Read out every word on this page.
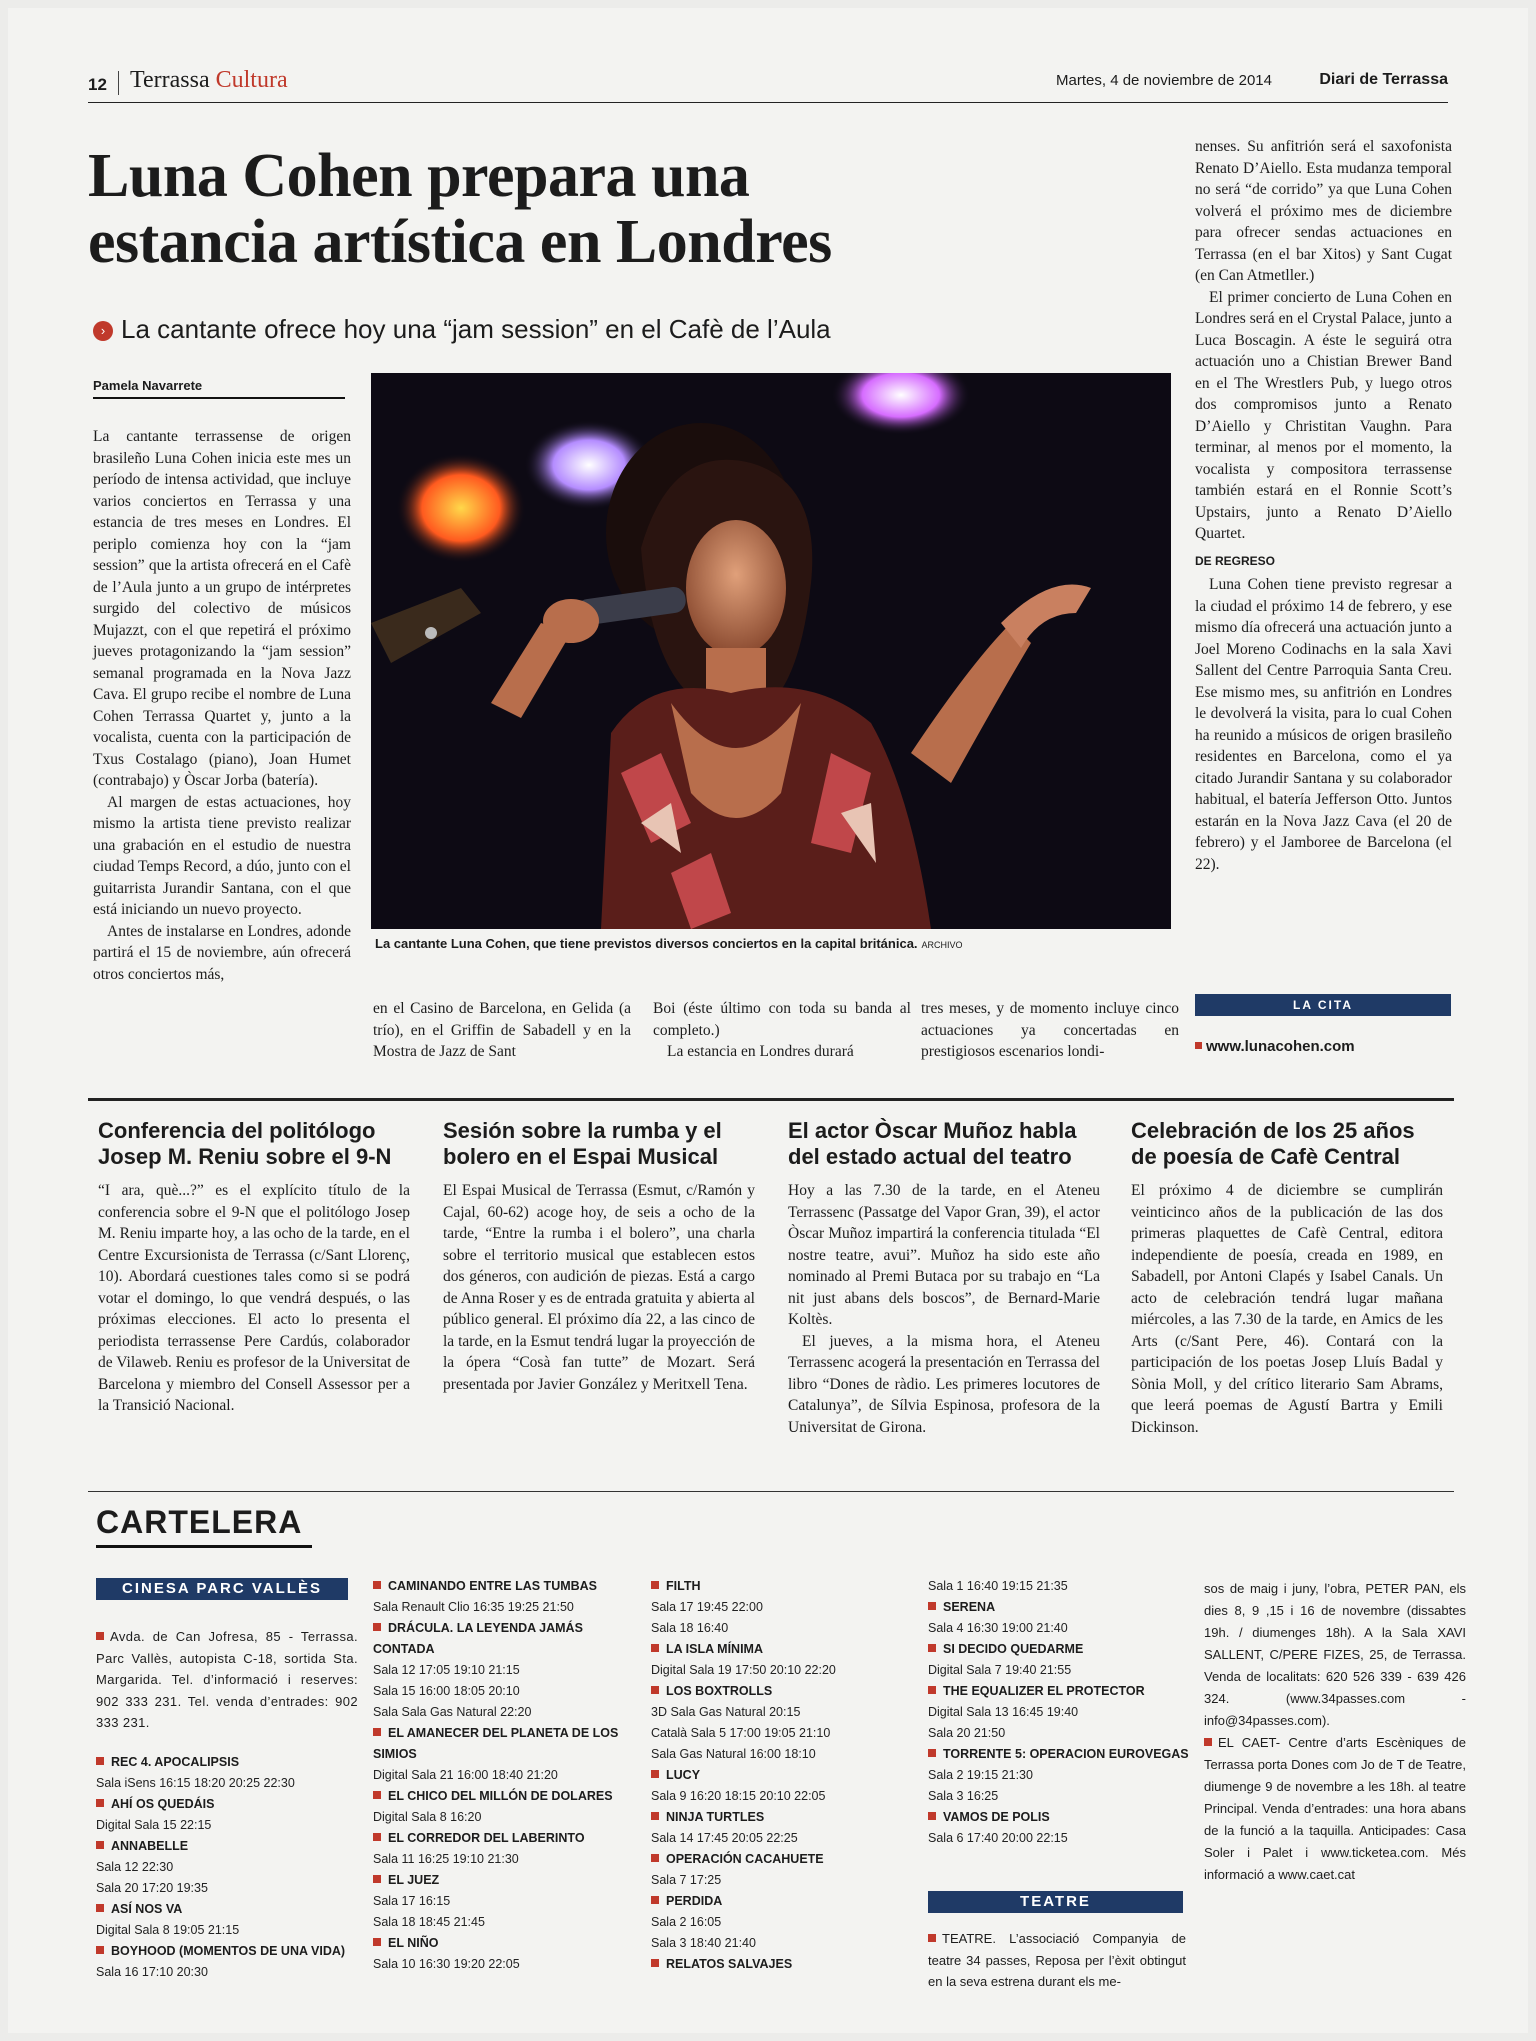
12 Terrassa Cultura	Martes, 4 de noviembre de 2014	Diari de Terrassa
Luna Cohen prepara una
estancia artística en Londres
› La cantante ofrece hoy una “jam session” en el Cafè de l’Aula
Pamela Navarrete

La cantante terrassense de origen brasileño Luna Cohen inicia este mes un período de intensa actividad, que incluye varios conciertos en Terrassa y una estancia de tres meses en Londres. El periplo comienza hoy con la “jam session” que la artista ofrecerá en el Cafè de l’Aula junto a un grupo de intérpretes surgido del colectivo de músicos Mujazzt, con el que repetirá el próximo jueves protagonizando la “jam session” semanal programada en la Nova Jazz Cava. El grupo recibe el nombre de Luna Cohen Terrassa Quartet y, junto a la vocalista, cuenta con la participación de Txus Costalago (piano), Joan Humet (contrabajo) y Òscar Jorba (batería).

Al margen de estas actuaciones, hoy mismo la artista tiene previsto realizar una grabación en el estudio de nuestra ciudad Temps Record, a dúo, junto con el guitarrista Jurandir Santana, con el que está iniciando un nuevo proyecto.

Antes de instalarse en Londres, adonde partirá el 15 de noviembre, aún ofrecerá otros conciertos más,

La cantante Luna Cohen, que tiene previstos diversos conciertos en la capital británica. ARCHIVO

en el Casino de Barcelona, en Gelida (a trío), en el Griffin de Sabadell y en la Mostra de Jazz de Sant

Boi (éste último con toda su banda al completo.)

La estancia en Londres durará

tres meses, y de momento incluye cinco actuaciones ya concertadas en prestigiosos escenarios londi-

nenses. Su anfitrión será el saxofonista Renato D’Aiello. Esta mudanza temporal no será “de corrido” ya que Luna Cohen volverá el próximo mes de diciembre para ofrecer sendas actuaciones en Terrassa (en el bar Xitos) y Sant Cugat (en Can Atmetller.)

El primer concierto de Luna Cohen en Londres será en el Crystal Palace, junto a Luca Boscagin. A éste le seguirá otra actuación uno a Chistian Brewer Band en el The Wrestlers Pub, y luego otros dos compromisos junto a Renato D’Aiello y Christitan Vaughn. Para terminar, al menos por el momento, la vocalista y compositora terrassense también estará en el Ronnie Scott’s Upstairs, junto a Renato D’Aiello Quartet.

DE REGRESO

Luna Cohen tiene previsto regresar a la ciudad el próximo 14 de febrero, y ese mismo día ofrecerá una actuación junto a Joel Moreno Codinachs en la sala Xavi Sallent del Centre Parroquia Santa Creu. Ese mismo mes, su anfitrión en Londres le devolverá la visita, para lo cual Cohen ha reunido a músicos de origen brasileño residentes en Barcelona, como el ya citado Jurandir Santana y su colaborador habitual, el batería Jefferson Otto. Juntos estarán en la Nova Jazz Cava (el 20 de febrero) y el Jamboree de Barcelona (el 22).

LA CITA
www.lunacohen.com
Conferencia del politólogo Josep M. Reniu sobre el 9-N

“I ara, què...?” es el explícito título de la conferencia sobre el 9-N que el politólogo Josep M. Reniu imparte hoy, a las ocho de la tarde, en el Centre Excursionista de Terrassa (c/Sant Llorenç, 10). Abordará cuestiones tales como si se podrá votar el domingo, lo que vendrá después, o las próximas elecciones. El acto lo presenta el periodista terrassense Pere Cardús, colaborador de Vilaweb. Reniu es profesor de la Universitat de Barcelona y miembro del Consell Assessor per a la Transició Nacional.

Sesión sobre la rumba y el bolero en el Espai Musical

El Espai Musical de Terrassa (Esmut, c/Ramón y Cajal, 60-62) acoge hoy, de seis a ocho de la tarde, “Entre la rumba i el bolero”, una charla sobre el territorio musical que establecen estos dos géneros, con audición de piezas. Está a cargo de Anna Roser y es de entrada gratuita y abierta al público general. El próximo día 22, a las cinco de la tarde, en la Esmut tendrá lugar la proyección de la ópera “Cosà fan tutte” de Mozart. Será presentada por Javier González y Meritxell Tena.

El actor Òscar Muñoz habla del estado actual del teatro

Hoy a las 7.30 de la tarde, en el Ateneu Terrassenc (Passatge del Vapor Gran, 39), el actor Òscar Muñoz impartirá la conferencia titulada “El nostre teatre, avui”. Muñoz ha sido este año nominado al Premi Butaca por su trabajo en “La nit just abans dels boscos”, de Bernard-Marie Koltès.

El jueves, a la misma hora, el Ateneu Terrassenc acogerá la presentación en Terrassa del libro “Dones de ràdio. Les primeres locutores de Catalunya”, de Sílvia Espinosa, profesora de la Universitat de Girona.

Celebración de los 25 años de poesía de Cafè Central

El próximo 4 de diciembre se cumplirán veinticinco años de la publicación de las dos primeras plaquettes de Cafè Central, editora independiente de poesía, creada en 1989, en Sabadell, por Antoni Clapés y Isabel Canals. Un acto de celebración tendrá lugar mañana miércoles, a las 7.30 de la tarde, en Amics de les Arts (c/Sant Pere, 46). Contará con la participación de los poetas Josep Lluís Badal y Sònia Moll, y del crítico literario Sam Abrams, que leerá poemas de Agustí Bartra y Emili Dickinson.

CARTELERA
CINESA PARC VALLÈS
Avda. de Can Jofresa, 85 - Terrassa. Parc Vallès, autopista C-18, sortida Sta. Margarida. Tel. d’informació i reserves: 902 333 231. Tel. venda d’entrades: 902 333 231.
REC 4. APOCALIPSIS
Sala iSens 16:15 18:20 20:25 22:30
AHÍ OS QUEDÁIS
Digital Sala 15 22:15
ANNABELLE
Sala 12 22:30
Sala 20 17:20 19:35
ASÍ NOS VA
Digital Sala 8 19:05 21:15
BOYHOOD (MOMENTOS DE UNA VIDA)
Sala 16 17:10 20:30
CAMINANDO ENTRE LAS TUMBAS
Sala Renault Clio 16:35 19:25 21:50
DRÁCULA. LA LEYENDA JAMÁS CONTADA
Sala 12 17:05 19:10 21:15
Sala 15 16:00 18:05 20:10
Sala Sala Gas Natural 22:20
EL AMANECER DEL PLANETA DE LOS SIMIOS
Digital Sala 21 16:00 18:40 21:20
EL CHICO DEL MILLÓN DE DOLARES
Digital Sala 8 16:20
EL CORREDOR DEL LABERINTO
Sala 11 16:25 19:10 21:30
EL JUEZ
Sala 17 16:15
Sala 18 18:45 21:45
EL NIÑO
Sala 10 16:30 19:20 22:05
FILTH
Sala 17 19:45 22:00
Sala 18 16:40
LA ISLA MÍNIMA
Digital Sala 19 17:50 20:10 22:20
LOS BOXTROLLS
3D Sala Gas Natural 20:15
Català Sala 5 17:00 19:05 21:10
Sala Gas Natural 16:00 18:10
LUCY
Sala 9 16:20 18:15 20:10 22:05
NINJA TURTLES
Sala 14 17:45 20:05 22:25
OPERACIÓN CACAHUETE
Sala 7 17:25
PERDIDA
Sala 2 16:05
Sala 3 18:40 21:40
RELATOS SALVAJES
Sala 1 16:40 19:15 21:35
SERENA
Sala 4 16:30 19:00 21:40
SI DECIDO QUEDARME
Digital Sala 7 19:40 21:55
THE EQUALIZER EL PROTECTOR
Digital Sala 13 16:45 19:40
Sala 20 21:50
TORRENTE 5: OPERACION EUROVEGAS
Sala 2 19:15 21:30
Sala 3 16:25
VAMOS DE POLIS
Sala 6 17:40 20:00 22:15
TEATRE
TEATRE. L’associació Companyia de teatre 34 passes, Reposa per l’èxit obtingut en la seva estrena durant els me-

sos de maig i juny, l’obra, PETER PAN, els dies 8, 9 ,15 i 16 de novembre (dissabtes 19h. / diumenges 18h). A la Sala XAVI SALLENT, C/PERE FIZES, 25, de Terrassa. Venda de localitats: 620 526 339 - 639 426 324. (www.34passes.com - info@34passes.com).

EL CAET- Centre d’arts Escèniques de Terrassa porta Dones com Jo de T de Teatre, diumenge 9 de novembre a les 18h. al teatre Principal. Venda d’entrades: una hora abans de la funció a la taquilla. Anticipades: Casa Soler i Palet i www.ticketea.com. Més informació a www.caet.cat
